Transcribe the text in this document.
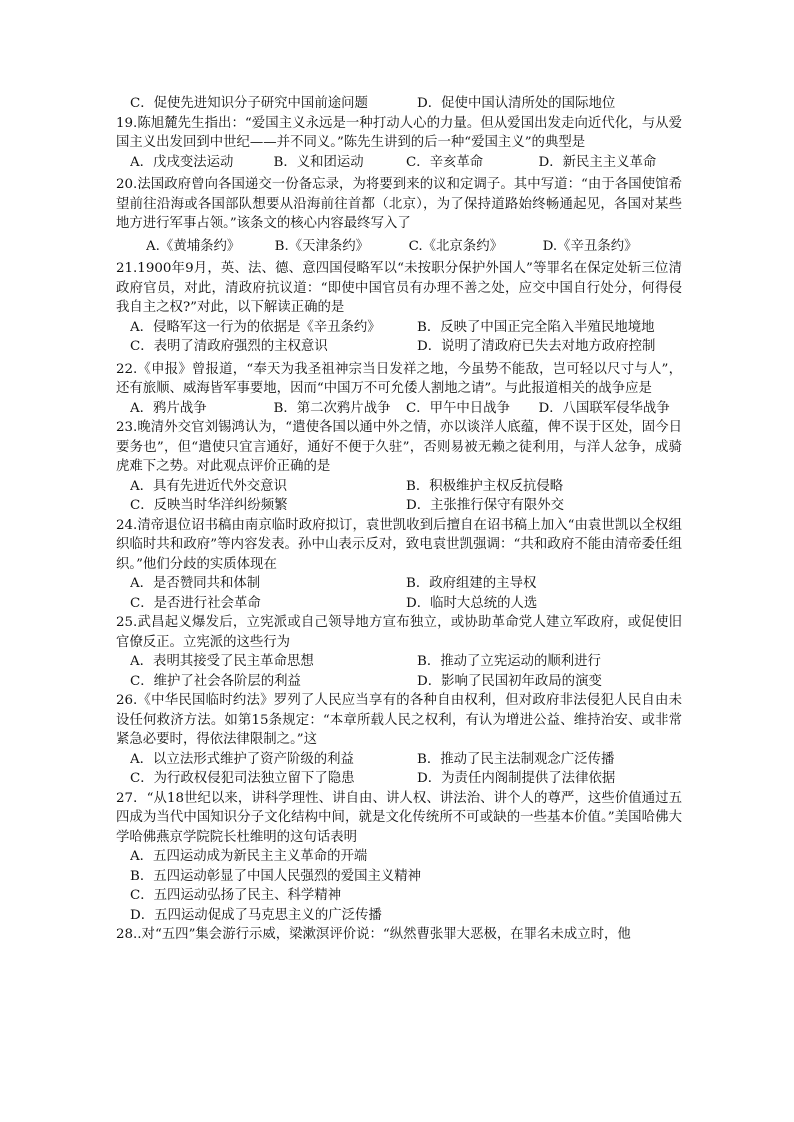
C．促使先进知识分子研究中国前途问题	D．促使中国认清所处的国际地位

19.陈旭麓先生指出：“爱国主义永远是一种打动人心的力量。但从爱国出发走向近代化，与从爱国主义出发回到中世纪——并不同义。”陈先生讲到的后一种“爱国主义”的典型是

A．戊戌变法运动	B．义和团运动	C．辛亥革命	D．新民主主义革命

20.法国政府曾向各国递交一份备忘录，为将要到来的议和定调子。其中写道：“由于各国使馆希望前往沿海或各国部队想要从沿海前往首都（北京），为了保持道路始终畅通起见，各国对某些地方进行军事占领。”该条文的核心内容最终写入了

A.《黄埔条约》	B.《天津条约》	C.《北京条约》	D.《辛丑条约》

21.1900年9月，英、法、德、意四国侵略军以“未按职分保护外国人”等罪名在保定处斩三位清政府官员，对此，清政府抗议道：“即使中国官员有办理不善之处，应交中国自行处分，何得侵我自主之权?”对此，以下解读正确的是

A．侵略军这一行为的依据是《辛丑条约》	B．反映了中国正完全陷入半殖民地境地
C．表明了清政府强烈的主权意识	D．说明了清政府已失去对地方政府控制

22.《申报》曾报道，“奉天为我圣祖神宗当日发祥之地，今虽势不能敌，岂可轻以尺寸与人”，还有旅顺、威海皆军事要地，因而“中国万不可允倭人割地之请”。与此报道相关的战争应是

A．鸦片战争	B．第二次鸦片战争	C．甲午中日战争	D．八国联军侵华战争

23.晚清外交官刘锡鸿认为，“遣使各国以通中外之情，亦以谈洋人底蕴，俾不误于区处，固今日要务也”，但“遣使只宜言通好，通好不便于久驻”，否则易被无赖之徒利用，与洋人忿争，成骑虎难下之势。对此观点评价正确的是

A．具有先进近代外交意识	B．积极维护主权反抗侵略
C．反映当时华洋纠纷频繁	D．主张推行保守有限外交

24.清帝退位诏书稿由南京临时政府拟订，袁世凯收到后擅自在诏书稿上加入“由袁世凯以全权组织临时共和政府”等内容发表。孙中山表示反对，致电袁世凯强调：“共和政府不能由清帝委任组织。”他们分歧的实质体现在

A．是否赞同共和体制	B．政府组建的主导权
C．是否进行社会革命	D．临时大总统的人选

25.武昌起义爆发后，立宪派或自己领导地方宣布独立，或协助革命党人建立军政府，或促使旧官僚反正。立宪派的这些行为

A．表明其接受了民主革命思想	B．推动了立宪运动的顺利进行
C．维护了社会各阶层的利益	D．影响了民国初年政局的演变

26.《中华民国临时约法》罗列了人民应当享有的各种自由权利，但对政府非法侵犯人民自由未设任何救济方法。如第15条规定：“本章所载人民之权利，有认为增进公益、维持治安、或非常紧急必要时，得依法律限制之。”这

A．以立法形式维护了资产阶级的利益	B．推动了民主法制观念广泛传播
C．为行政权侵犯司法独立留下了隐患	D．为责任内阁制提供了法律依据

27．“从18世纪以来，讲科学理性、讲自由、讲人权、讲法治、讲个人的尊严，这些价值通过五四成为当代中国知识分子文化结构中间，就是文化传统所不可或缺的一些基本价值。”美国哈佛大学哈佛燕京学院院长杜维明的这句话表明

A．五四运动成为新民主主义革命的开端
B．五四运动彰显了中国人民强烈的爱国主义精神
C．五四运动弘扬了民主、科学精神
D．五四运动促成了马克思主义的广泛传播

28..对“五四”集会游行示威，梁漱溟评价说：“纵然曹张罪大恶极，在罪名未成立时，他
